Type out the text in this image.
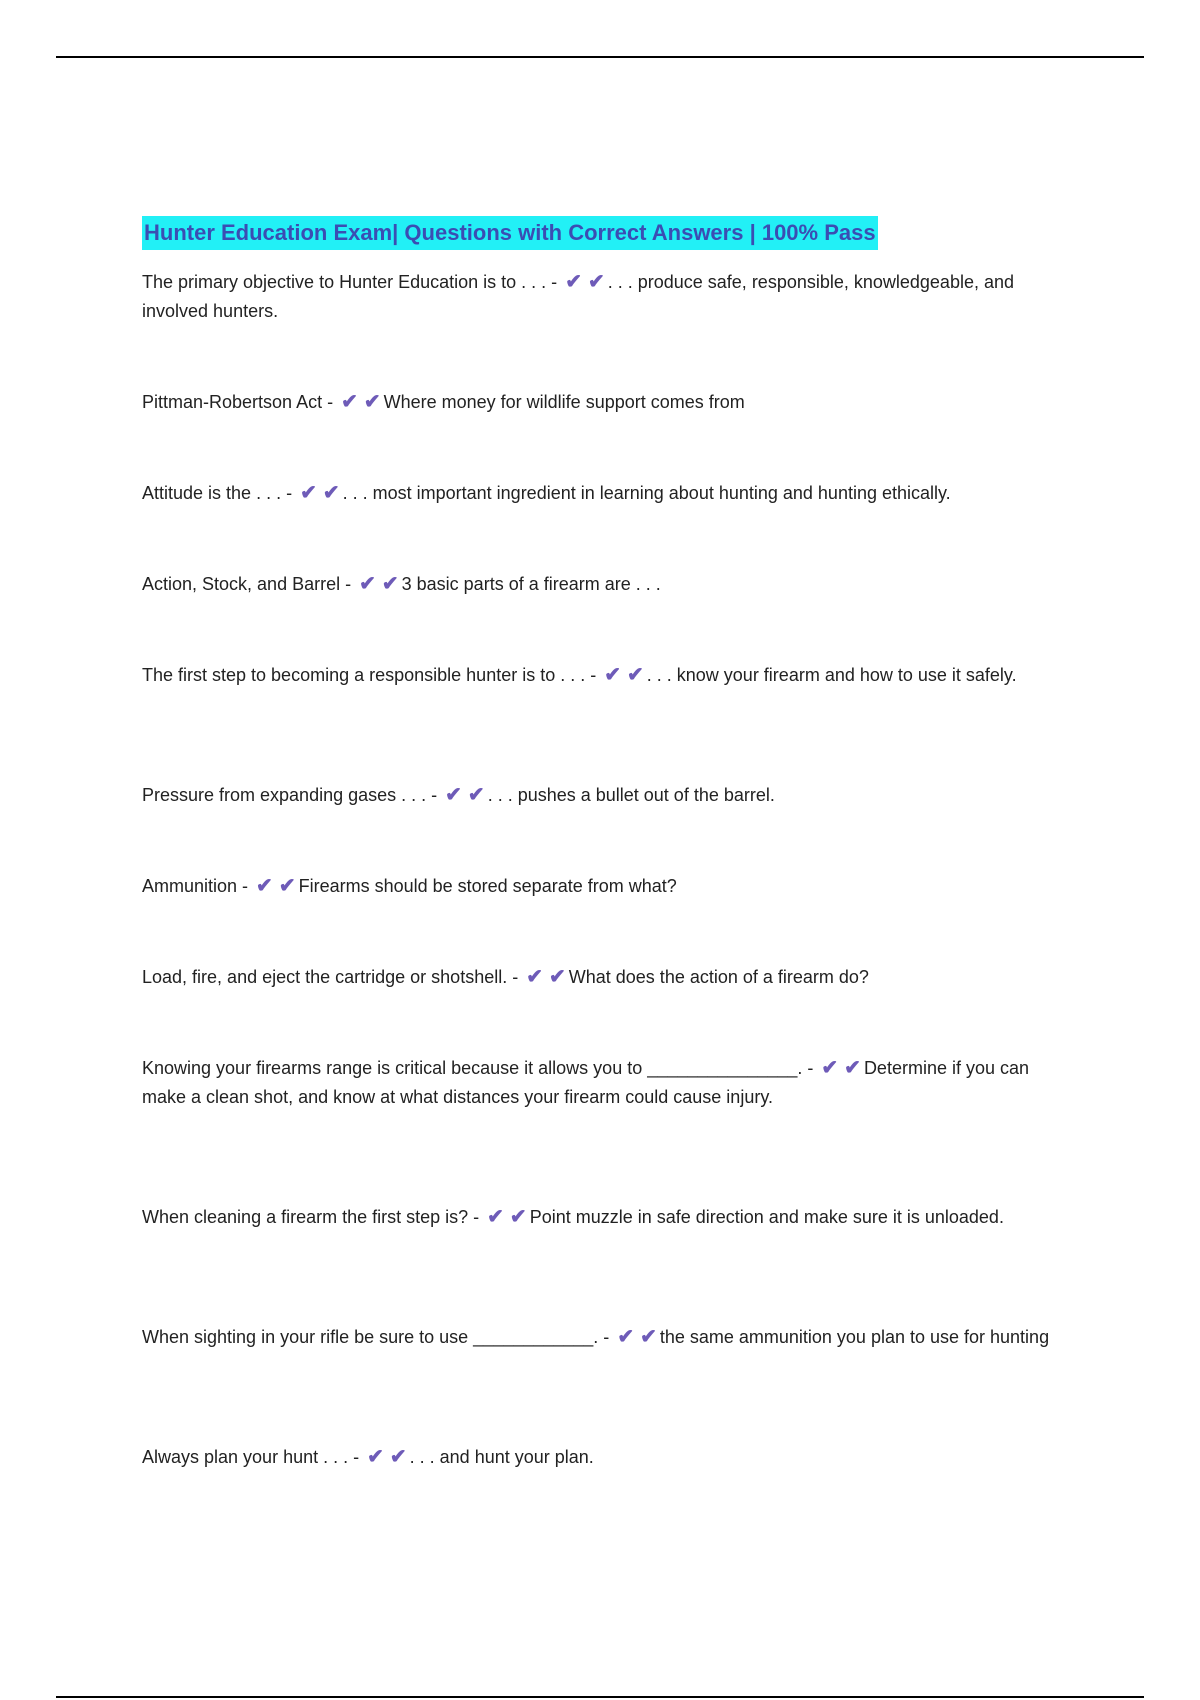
Hunter Education Exam| Questions with Correct Answers | 100% Pass

The primary objective to Hunter Education is to . . . - ✔ ✔ . . . produce safe, responsible, knowledgeable, and involved hunters.

Pittman-Robertson Act - ✔ ✔ Where money for wildlife support comes from

Attitude is the . . . - ✔ ✔ . . . most important ingredient in learning about hunting and hunting ethically.

Action, Stock, and Barrel - ✔ ✔ 3 basic parts of a firearm are . . .

The first step to becoming a responsible hunter is to . . . - ✔ ✔ . . . know your firearm and how to use it safely.

Pressure from expanding gases . . . - ✔ ✔ . . . pushes a bullet out of the barrel.

Ammunition - ✔ ✔ Firearms should be stored separate from what?

Load, fire, and eject the cartridge or shotshell. - ✔ ✔ What does the action of a firearm do?

Knowing your firearms range is critical because it allows you to _______________. - ✔ ✔ Determine if you can make a clean shot, and know at what distances your firearm could cause injury.

When cleaning a firearm the first step is? - ✔ ✔ Point muzzle in safe direction and make sure it is unloaded.

When sighting in your rifle be sure to use ____________. - ✔ ✔ the same ammunition you plan to use for hunting

Always plan your hunt . . . - ✔ ✔ . . . and hunt your plan.
